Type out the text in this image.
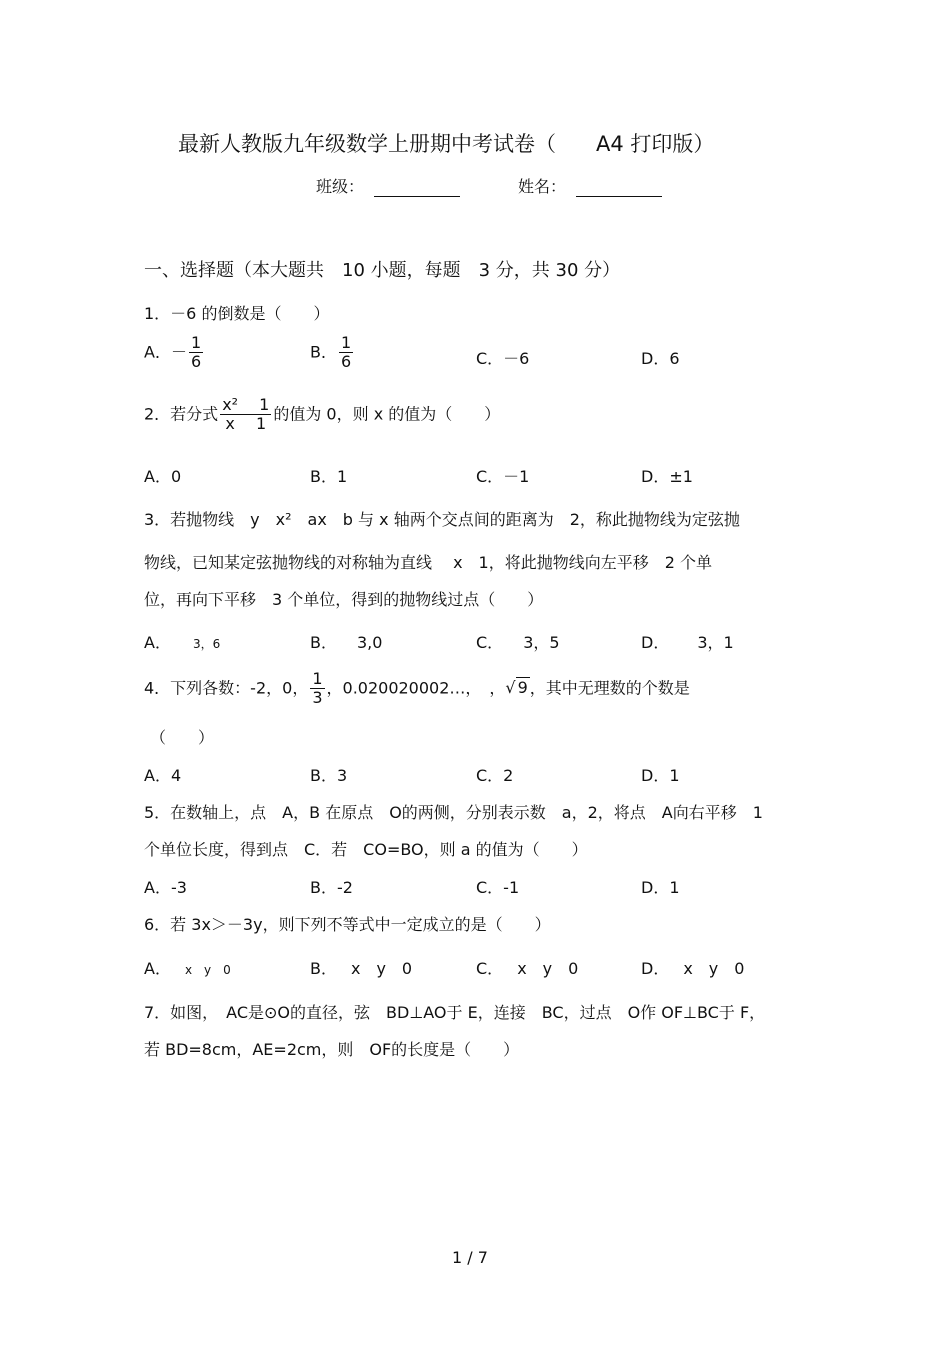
最新人教版九年级数学上册期中考试卷（ A4 打印版）
班级：	姓名：
一、选择题（本大题共　10 小题，每题　3 分，共 30 分）
1．－6 的倒数是（　　）
A．－ $\frac{1}{6}$	B． $\frac{1}{6}$	C．－6	D．6
2．若分式 $\frac{\text{x² 　1}}{x 1}$ 的值为 0，则 x 的值为（　　）
A．0	B．1	C．－1	D．±1
3．若抛物线　y　x²　ax　b 与 x 轴两个交点间的距离为　2，称此抛物线为定弦抛
物线，已知某定弦抛物线的对称轴为直线　 x　1，将此抛物线向左平移　2 个单
位，再向下平移　3 个单位，得到的抛物线过点（　　）
A． 3，6	B． 3,0	C． 3，5	D． 3，1
4．下列各数：-2，0， $\frac{1}{3}$ ，0.020020002…，　，√ 9 ，其中无理数的个数是
（　　）
A．4	B．3	C．2	D．1
5．在数轴上，点　A，B 在原点　O的两侧，分别表示数　a，2，将点　A向右平移　1
个单位长度，得到点　C．若　CO=BO，则 a 的值为（　　）
A．-3	B．-2	C．-1	D．1
6．若 3x＞－3y，则下列不等式中一定成立的是（　　）
A． x　y　0	B． x　y　0	C． x　y　0	D． x　y　0
7．如图，　AC是⊙O的直径，弦　BD⊥AO于 E，连接　BC，过点　O作 OF⊥BC于 F，
若 BD=8cm，AE=2cm，则　OF的长度是（　　）
1 / 7
